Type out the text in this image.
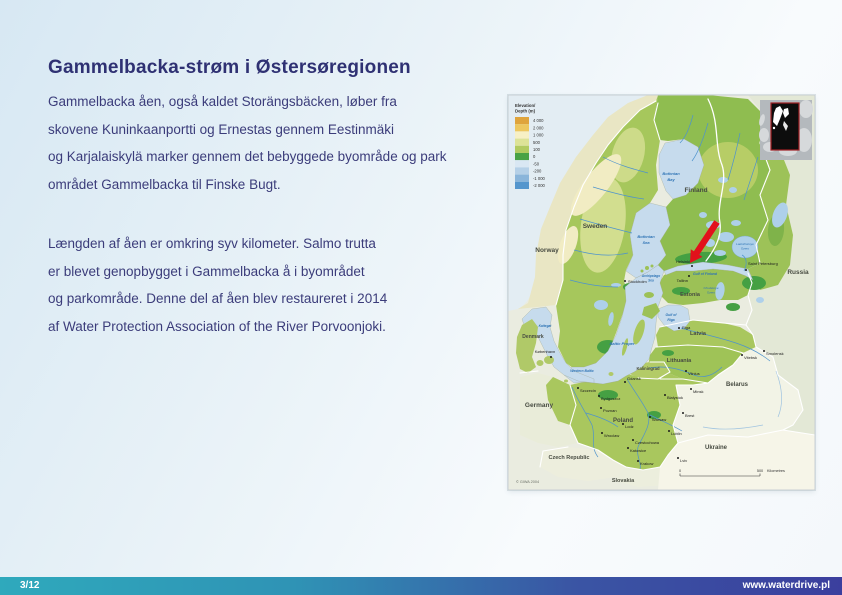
Gammelbacka-strøm i Østersøregionen
Gammelbacka åen, også kaldet Storängsbäcken, løber fra
skovene Kuninkaanportti og Ernestas gennem Eestinmäki
og Karjalaiskylä marker gennem det bebyggede byområde og park
området Gammelbacka til Finske Bugt.
Længden af åen er omkring syv kilometer. Salmo trutta
er blevet genopbygget i Gammelbacka å i byområdet
og parkområde. Denne del af åen blev restaureret i 2014
af Water Protection Association of the River Porvoonjoki.
Stockholm
Helsinki
Tallinn
Saint Petersburg
Riga
Vilnius
Minsk
Smolensk
Vitebsk
Bialystok
Brest
Lublin
Lviv
København
Gdansk
Szczecin
Bydgoszcz
Poznan
Warsaw
Lodz
Wroclaw
Czestochowa
Katowice
Krakow
Norway
Sweden
Finland
Russia
Estonia
Latvia
Lithuania
Kaliningrad
Belarus
Ukraine
Poland
Germany
Denmark
Czech Republic
Slovakia
Bothnian
Bay
Bothnian
Sea
Archipelago
Sea
Gulf of Finland
Gulf of
Riga
Baltic Proper
Western Baltic
Kattegat
Ladozhskoye
Ozero
Chudskoye
Ozero
Elevation/
Depth (m)
4 000
2 000
1 000
500
100
0
-50
-200
-1 000
-2 000
0	500 Kilometres
© GIWA 2004
3/12	www.waterdrive.pl
